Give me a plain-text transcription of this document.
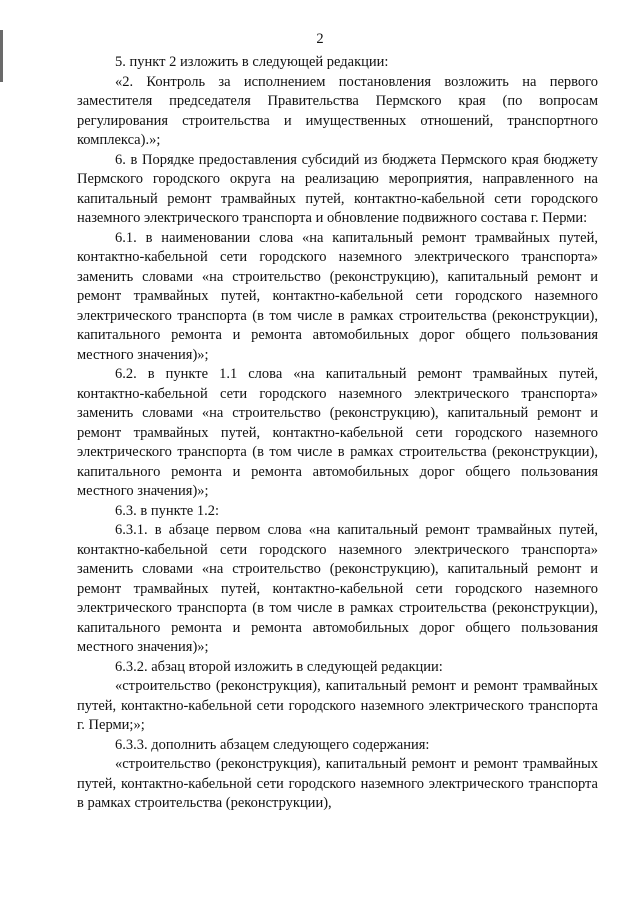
2

5. пункт 2 изложить в следующей редакции:

«2. Контроль за исполнением постановления возложить на первого заместителя председателя Правительства Пермского края (по вопросам регулирования строительства и имущественных отношений, транспортного комплекса).»;

6. в Порядке предоставления субсидий из бюджета Пермского края бюджету Пермского городского округа на реализацию мероприятия, направленного на капитальный ремонт трамвайных путей, контактно-кабельной сети городского наземного электрического транспорта и обновление подвижного состава г. Перми:

6.1. в наименовании слова «на капитальный ремонт трамвайных путей, контактно-кабельной сети городского наземного электрического транспорта» заменить словами «на строительство (реконструкцию), капитальный ремонт и ремонт трамвайных путей, контактно-кабельной сети городского наземного электрического транспорта (в том числе в рамках строительства (реконструкции), капитального ремонта и ремонта автомобильных дорог общего пользования местного значения)»;

6.2. в пункте 1.1 слова «на капитальный ремонт трамвайных путей, контактно-кабельной сети городского наземного электрического транспорта» заменить словами «на строительство (реконструкцию), капитальный ремонт и ремонт трамвайных путей, контактно-кабельной сети городского наземного электрического транспорта (в том числе в рамках строительства (реконструкции), капитального ремонта и ремонта автомобильных дорог общего пользования местного значения)»;

6.3. в пункте 1.2:

6.3.1. в абзаце первом слова «на капитальный ремонт трамвайных путей, контактно-кабельной сети городского наземного электрического транспорта» заменить словами «на строительство (реконструкцию), капитальный ремонт и ремонт трамвайных путей, контактно-кабельной сети городского наземного электрического транспорта (в том числе в рамках строительства (реконструкции), капитального ремонта и ремонта автомобильных дорог общего пользования местного значения)»;

6.3.2. абзац второй изложить в следующей редакции:

«строительство (реконструкция), капитальный ремонт и ремонт трамвайных путей, контактно-кабельной сети городского наземного электрического транспорта г. Перми;»;

6.3.3. дополнить абзацем следующего содержания:

«строительство (реконструкция), капитальный ремонт и ремонт трамвайных путей, контактно-кабельной сети городского наземного электрического транспорта в рамках строительства (реконструкции),
